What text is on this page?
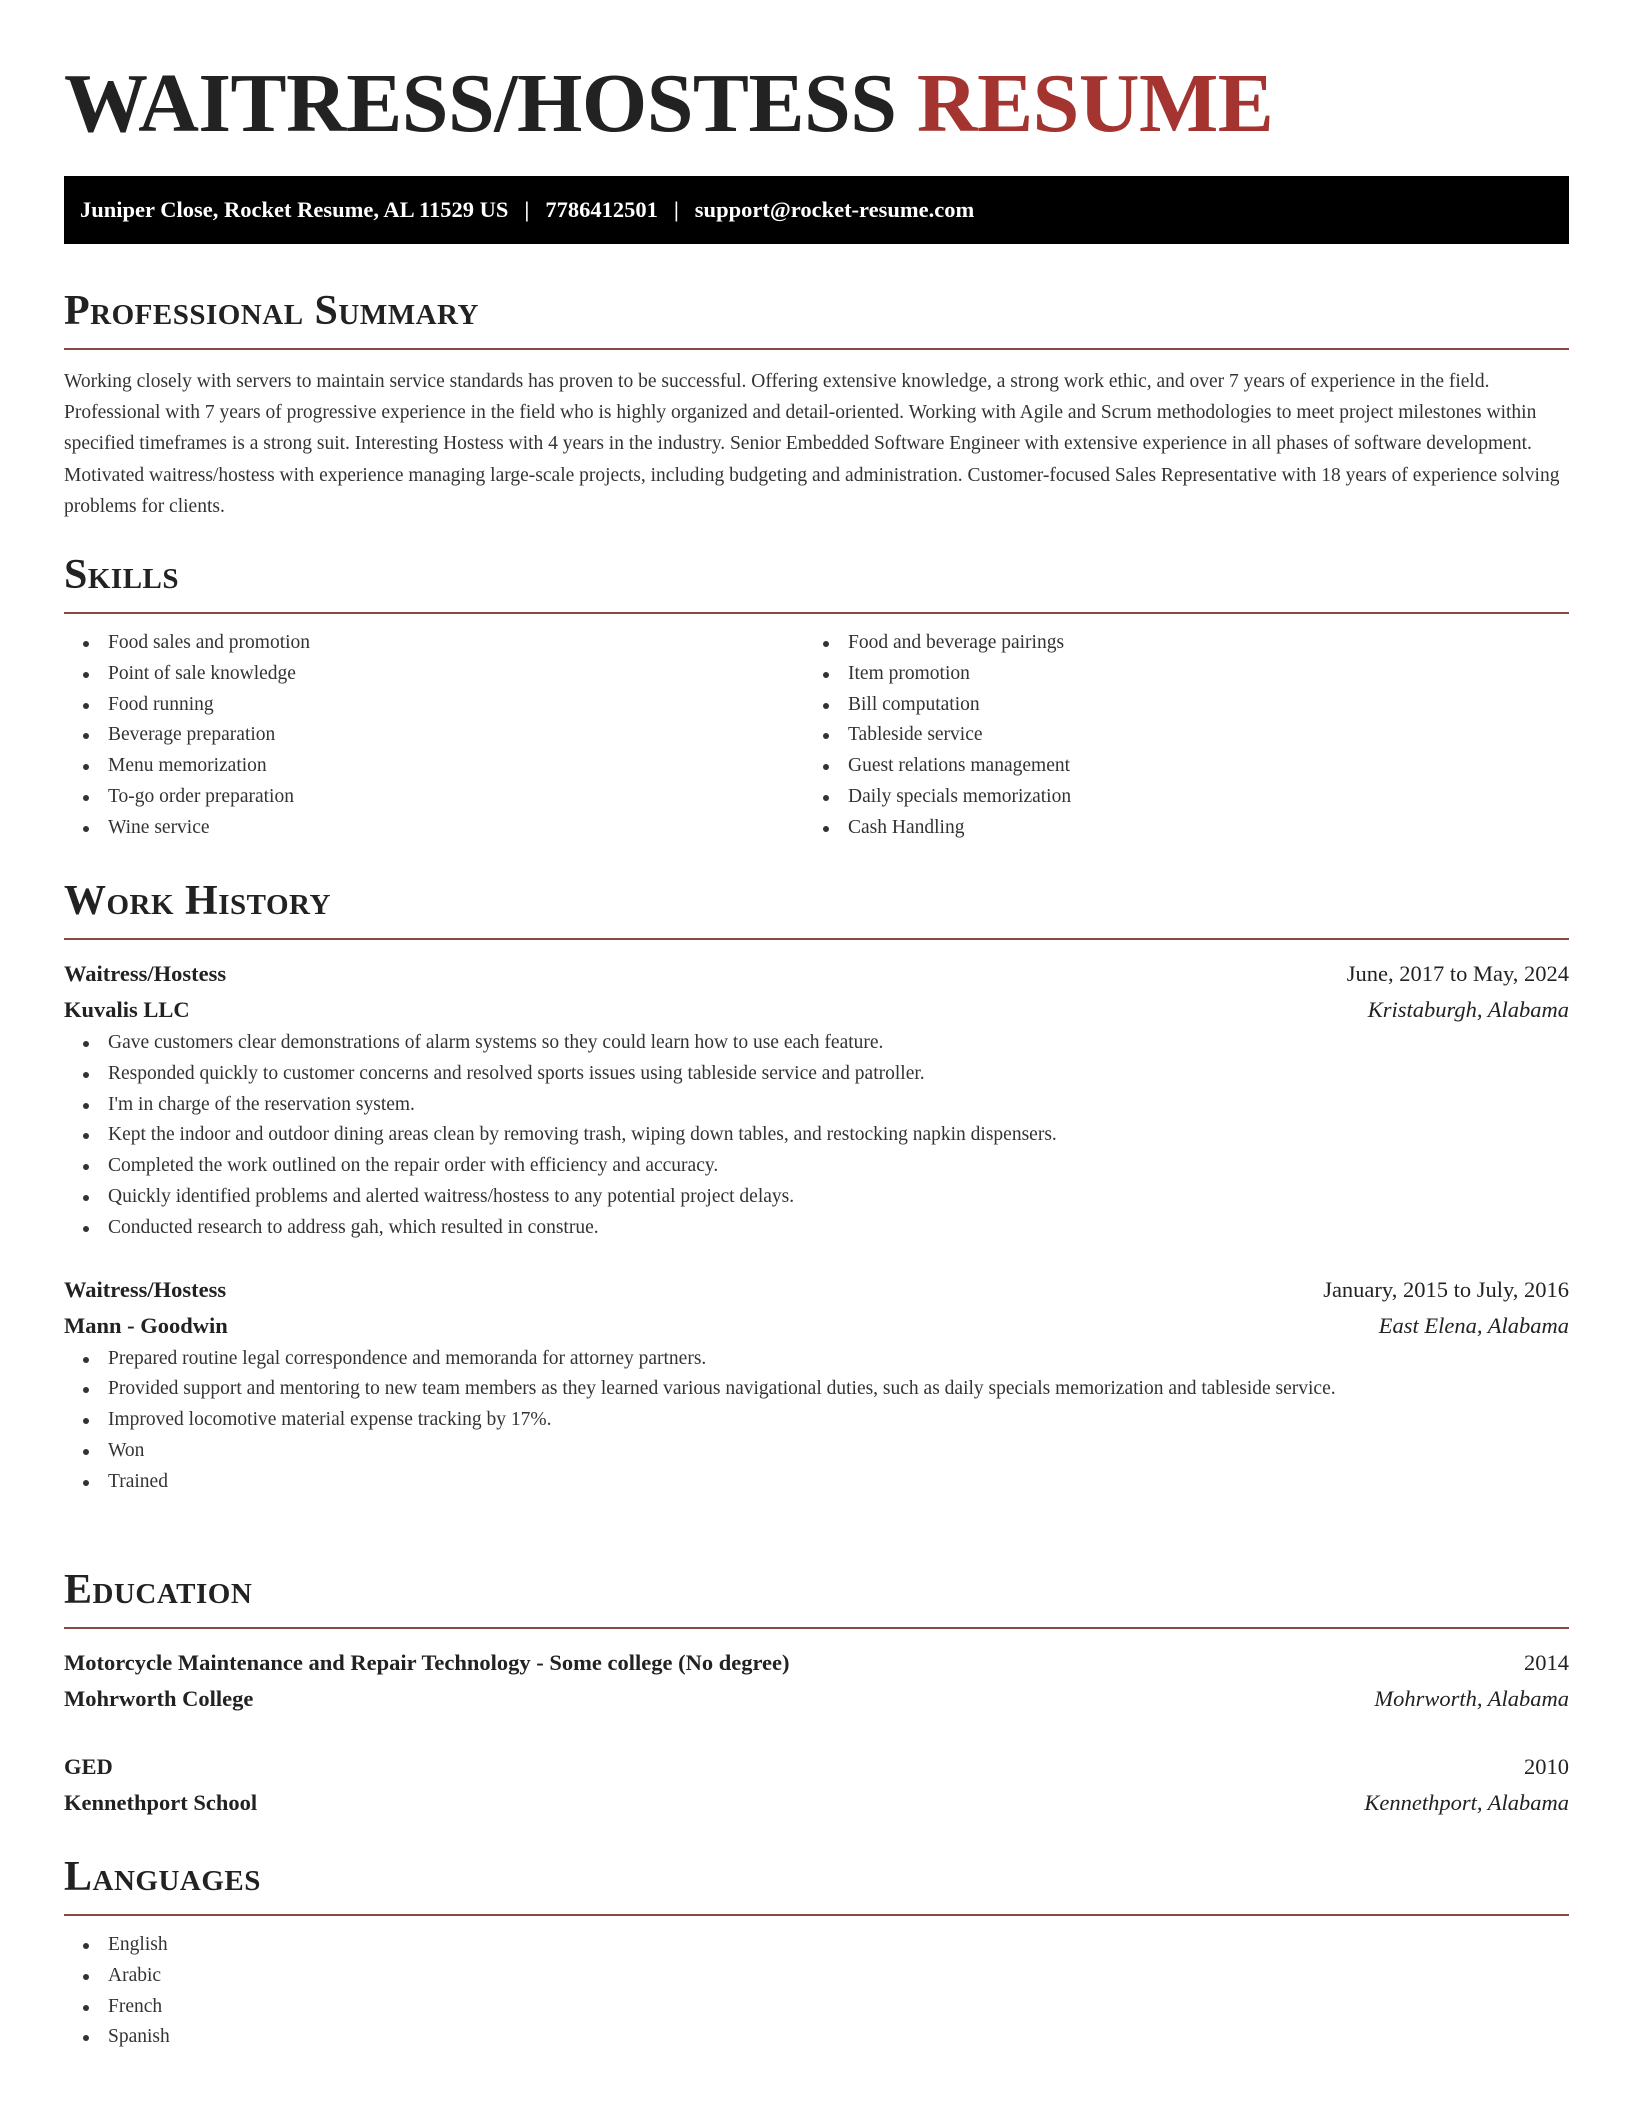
WAITRESS/HOSTESS RESUME
Juniper Close, Rocket Resume, AL 11529 US | 7786412501 | support@rocket-resume.com
Professional Summary

Working closely with servers to maintain service standards has proven to be successful. Offering extensive knowledge, a strong work ethic, and over 7 years of experience in the field. Professional with 7 years of progressive experience in the field who is highly organized and detail-oriented. Working with Agile and Scrum methodologies to meet project milestones within specified timeframes is a strong suit. Interesting Hostess with 4 years in the industry. Senior Embedded Software Engineer with extensive experience in all phases of software development. Motivated waitress/hostess with experience managing large-scale projects, including budgeting and administration. Customer-focused Sales Representative with 18 years of experience solving problems for clients.

Skills
Food sales and promotion
Point of sale knowledge
Food running
Beverage preparation
Menu memorization
To-go order preparation
Wine service
Food and beverage pairings
Item promotion
Bill computation
Tableside service
Guest relations management
Daily specials memorization
Cash Handling
Work History
Waitress/Hostess	June, 2017 to May, 2024
Kuvalis LLC	Kristaburgh, Alabama
Gave customers clear demonstrations of alarm systems so they could learn how to use each feature.
Responded quickly to customer concerns and resolved sports issues using tableside service and patroller.
I'm in charge of the reservation system.
Kept the indoor and outdoor dining areas clean by removing trash, wiping down tables, and restocking napkin dispensers.
Completed the work outlined on the repair order with efficiency and accuracy.
Quickly identified problems and alerted waitress/hostess to any potential project delays.
Conducted research to address gah, which resulted in construe.
Waitress/Hostess	January, 2015 to July, 2016
Mann - Goodwin	East Elena, Alabama
Prepared routine legal correspondence and memoranda for attorney partners.
Provided support and mentoring to new team members as they learned various navigational duties, such as daily specials memorization and tableside service.
Improved locomotive material expense tracking by 17%.
Won
Trained
Education
Motorcycle Maintenance and Repair Technology - Some college (No degree)	2014
Mohrworth College	Mohrworth, Alabama
GED	2010
Kennethport School	Kennethport, Alabama
Languages
English
Arabic
French
Spanish
